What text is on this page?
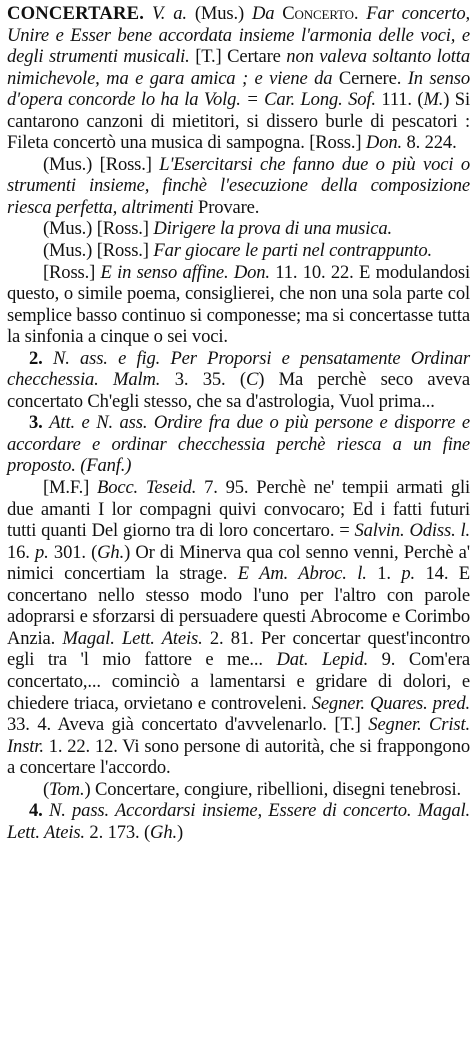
CONCERTARE. V. a. (Mus.) Da Concerto. Far concerto, Unire e Esser bene accordata insieme l'armonia delle voci, e degli strumenti musicali. [T.] Certare non valeva soltanto lotta nimichevole, ma e gara amica ; e viene da Cernere. In senso d'opera concorde lo ha la Volg. = Car. Long. Sof. 111. (M.) Si cantarono canzoni di mietitori, si dissero burle di pescatori : Fileta concertò una musica di sampogna. [Ross.] Don. 8. 224.

(Mus.) [Ross.] L'Esercitarsi che fanno due o più voci o strumenti insieme, finchè l'esecuzione della composizione riesca perfetta, altrimenti Provare.

(Mus.) [Ross.] Dirigere la prova di una musica.

(Mus.) [Ross.] Far giocare le parti nel contrappunto.

[Ross.] E in senso affine. Don. 11. 10. 22. E modulandosi questo, o simile poema, consiglierei, che non una sola parte col semplice basso continuo si componesse; ma si concertasse tutta la sinfonia a cinque o sei voci.

2. N. ass. e fig. Per Proporsi e pensatamente Ordinar checchessia. Malm. 3. 35. (C) Ma perchè seco aveva concertato Ch'egli stesso, che sa d'astrologia, Vuol prima...

3. Att. e N. ass. Ordire fra due o più persone e disporre e accordare e ordinar checchessia perchè riesca a un fine proposto. (Fanf.)

[M.F.] Bocc. Teseid. 7. 95. Perchè ne' tempii armati gli due amanti I lor compagni quivi convocaro; Ed i fatti futuri tutti quanti Del giorno tra di loro concertaro. = Salvin. Odiss. l. 16. p. 301. (Gh.) Or di Minerva qua col senno venni, Perchè a' nimici concertiam la strage. E Am. Abroc. l. 1. p. 14. E concertano nello stesso modo l'uno per l'altro con parole adoprarsi e sforzarsi di persuadere questi Abrocome e Corimbo Anzia. Magal. Lett. Ateis. 2. 81. Per concertar quest'incontro egli tra 'l mio fattore e me... Dat. Lepid. 9. Com'era concertato,... cominciò a lamentarsi e gridare di dolori, e chiedere triaca, orvietano e controveleni. Segner. Quares. pred. 33. 4. Aveva già concertato d'avvelenarlo. [T.] Segner. Crist. Instr. 1. 22. 12. Vi sono persone di autorità, che si frappongono a concertare l'accordo.

(Tom.) Concertare, congiure, ribellioni, disegni tenebrosi.

4. N. pass. Accordarsi insieme, Essere di concerto. Magal. Lett. Ateis. 2. 173. (Gh.)
